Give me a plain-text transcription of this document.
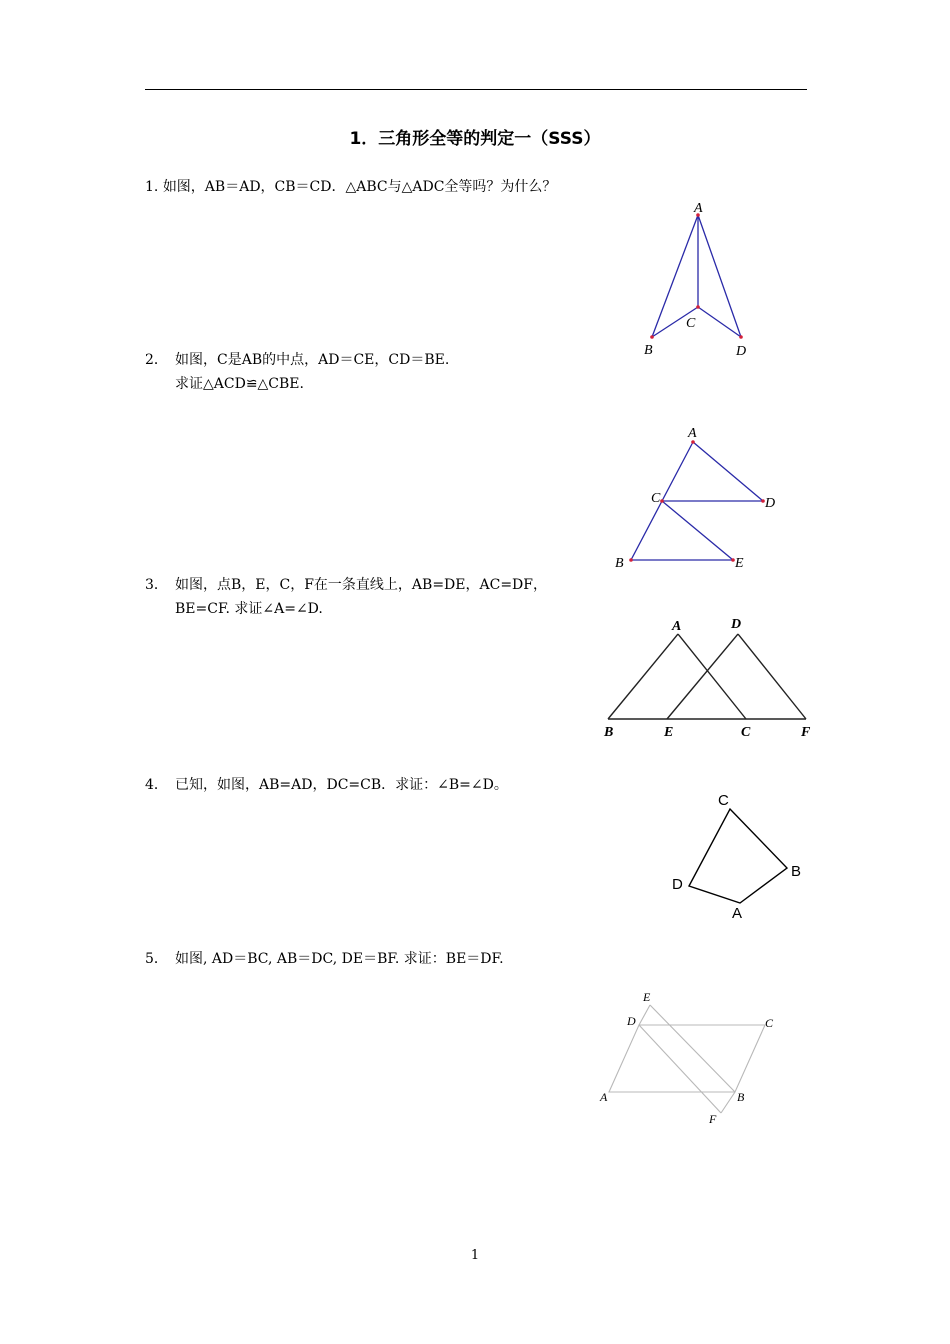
1．三角形全等的判定一（SSS）
1. 如图，AB＝AD，CB＝CD．△ABC与△ADC全等吗？为什么？
A
B
C
D
2． 如图，C是AB的中点，AD＝CE，CD＝BE.
求证△ACD≌△CBE.
A
B
C	D
E
3． 如图，点B，E，C，F在一条直线上，AB=DE，AC=DF，
BE=CF. 求证∠A=∠D.
A	D
B	E	C	F
4． 已知，如图，AB=AD，DC=CB．求证：∠B=∠D。
C
B
D
A
5． 如图, AD＝BC, AB＝DC, DE＝BF. 求证：BE＝DF.
E
D	C
A	B
F
1
